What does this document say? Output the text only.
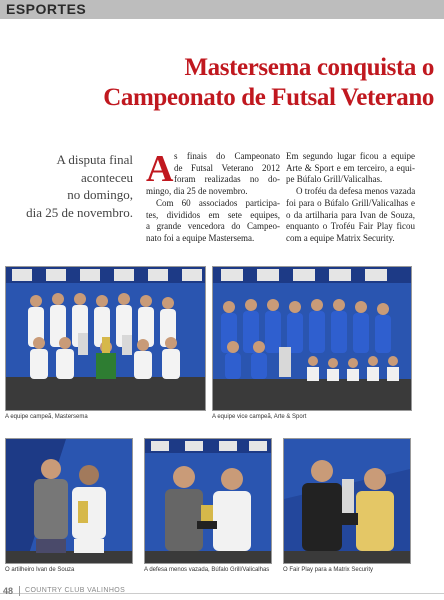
ESPORTES
Mastersema conquista o
Campeonato de Futsal Veterano
A disputa final
aconteceu
no domingo,
dia 25 de novembro.
A s finais do Campeonato
de Futsal Veterano 2012
foram realizadas no do-
mingo, dia 25 de novembro.
Com 60 associados participa-
tes, divididos em sete equipes,
a grande vencedora do Campeo-
nato foi a equipe Mastersema.
Em segundo lugar ficou a equipe
Arte & Sport e em terceiro, a equi-
pe Búfalo Grill/Valicalhas.
O troféu da defesa menos vazada
foi para o Búfalo Grill/Valicalhas e
o da artilharia para Ivan de Souza,
enquanto o Troféu Fair Play ficou
com a equipe Matrix Security.
A equipe campeã, Mastersema	A equipe vice campeã, Arte & Sport
O artilheiro Ivan de Souza	A defesa menos vazada, Búfalo Grill/Valicalhas O Fair Play para a Matrix Security
48 COUNTRY CLUB VALINHOS
